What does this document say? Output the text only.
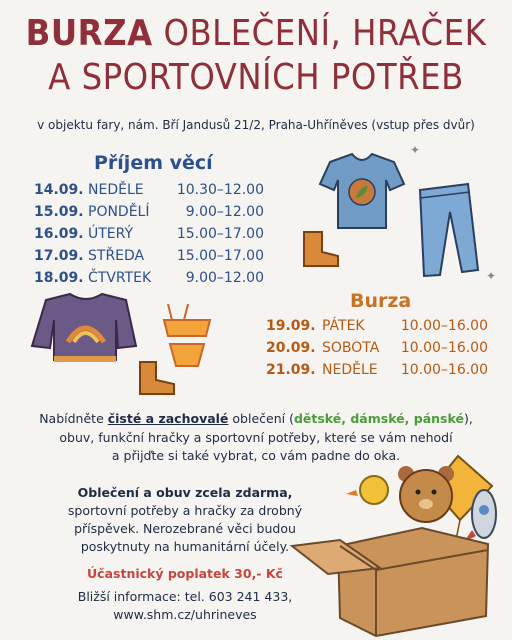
BURZA OBLEČENÍ, HRAČEK
A SPORTOVNÍCH POTŘEB
v objektu fary, nám. Bří Jandusů 21/2, Praha-Uhříněves (vstup přes dvůr)
Příjem věcí
14.09. NEDĚLE 10.30–12.00
15.09. PONDĚLÍ	9.00–12.00
16.09. ÚTERÝ	15.00–17.00
17.09. STŘEDA 15.00–17.00
18.09. ČTVRTEK 9.00–12.00
Burza
19.09. PÁTEK	10.00–16.00
20.09. SOBOTA 10.00–16.00
21.09. NEDĚLE 10.00–16.00
✦
✦
Nabídněte čisté a zachovalé oblečení (dětské, dámské, pánské),
obuv, funkční hračky a sportovní potřeby, které se vám nehodí
a přijďte si také vybrat, co vám padne do oka.
Oblečení a obuv zcela zdarma,
sportovní potřeby a hračky za drobný
příspěvek. Nerozebrané věci budou
poskytnuty na humanitární účely.
Účastnický poplatek 30,- Kč
Bližší informace: tel. 603 241 433,
www.shm.cz/uhrineves
